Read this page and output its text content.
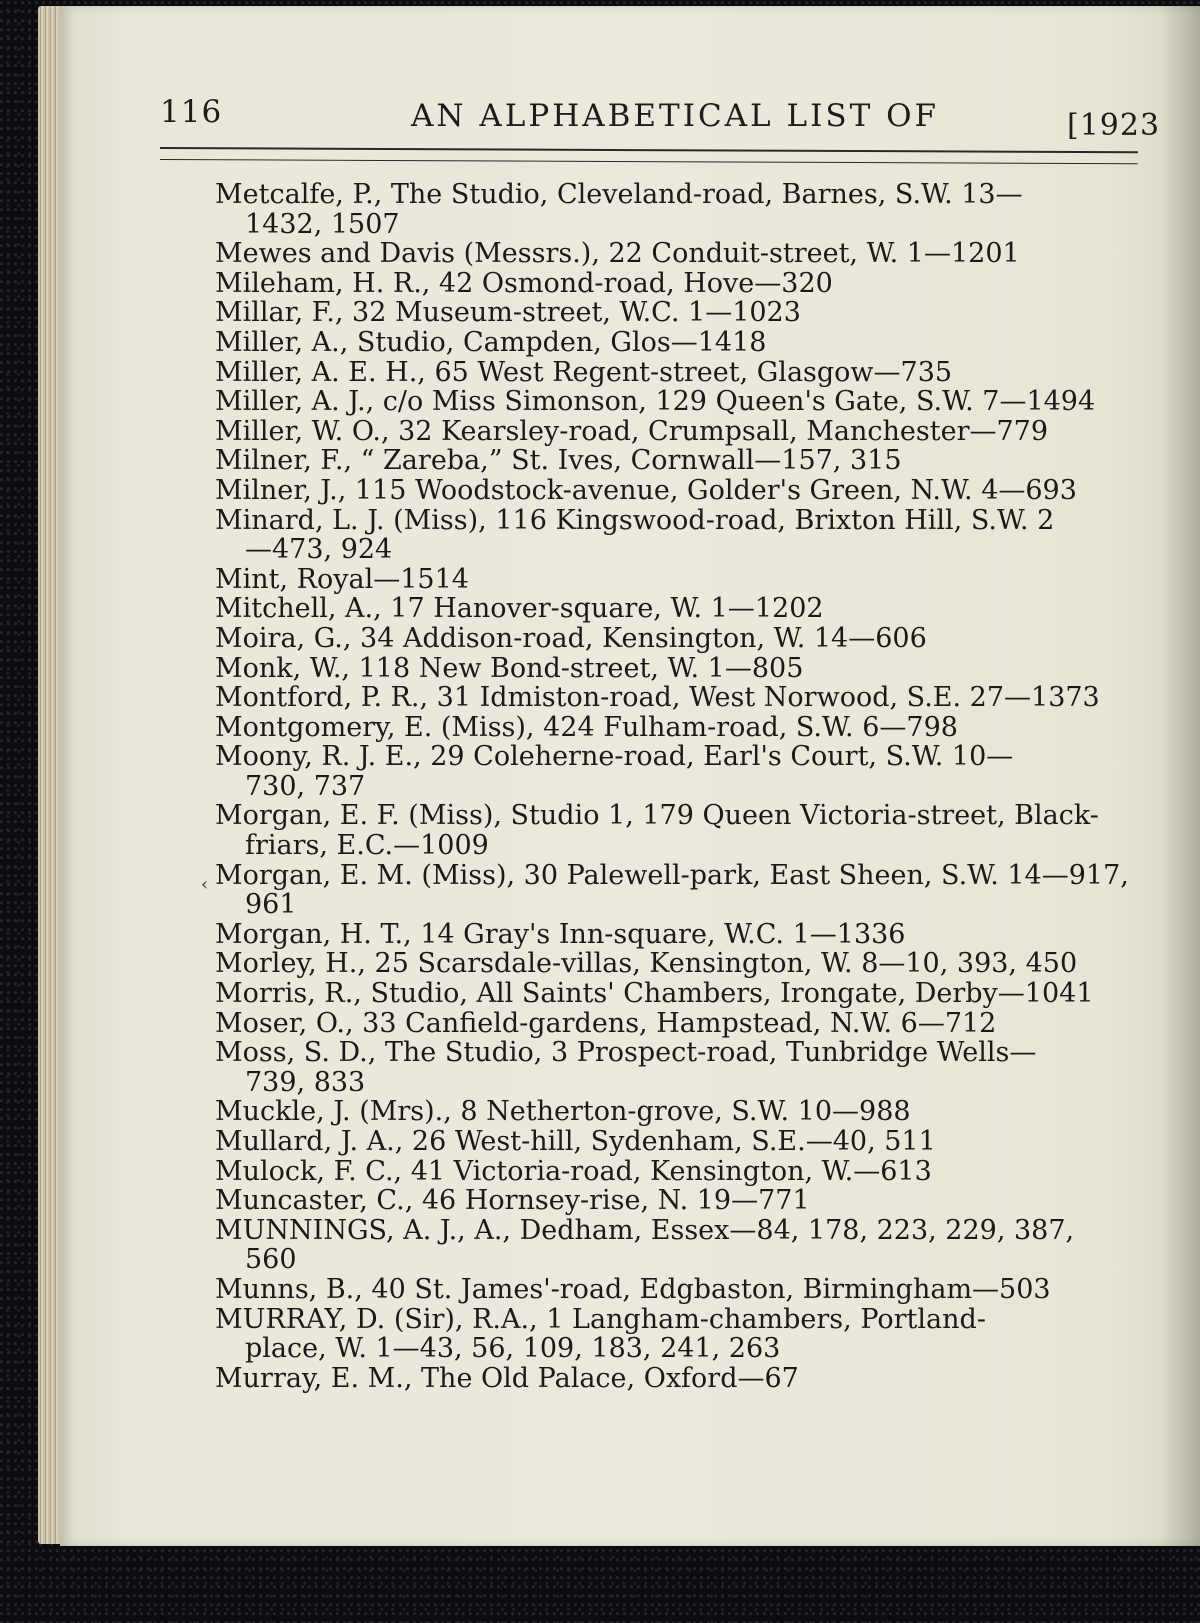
116	AN ALPHABETICAL LIST OF	[1923
‹
Metcalfe, P., The Studio, Cleveland-road, Barnes, S.W. 13—
1432, 1507
Mewes and Davis (Messrs.), 22 Conduit-street, W. 1—1201
Mileham, H. R., 42 Osmond-road, Hove—320
Millar, F., 32 Museum-street, W.C. 1—1023
Miller, A., Studio, Campden, Glos—1418
Miller, A. E. H., 65 West Regent-street, Glasgow—735
Miller, A. J., c/o Miss Simonson, 129 Queen's Gate, S.W. 7—1494
Miller, W. O., 32 Kearsley-road, Crumpsall, Manchester—779
Milner, F., “ Zareba,” St. Ives, Cornwall—157, 315
Milner, J., 115 Woodstock-avenue, Golder's Green, N.W. 4—693
Minard, L. J. (Miss), 116 Kingswood-road, Brixton Hill, S.W. 2
—473, 924
Mint, Royal—1514
Mitchell, A., 17 Hanover-square, W. 1—1202
Moira, G., 34 Addison-road, Kensington, W. 14—606
Monk, W., 118 New Bond-street, W. 1—805
Montford, P. R., 31 Idmiston-road, West Norwood, S.E. 27—1373
Montgomery, E. (Miss), 424 Fulham-road, S.W. 6—798
Moony, R. J. E., 29 Coleherne-road, Earl's Court, S.W. 10—
730, 737
Morgan, E. F. (Miss), Studio 1, 179 Queen Victoria-street, Black-
friars, E.C.—1009
Morgan, E. M. (Miss), 30 Palewell-park, East Sheen, S.W. 14—917,
961
Morgan, H. T., 14 Gray's Inn-square, W.C. 1—1336
Morley, H., 25 Scarsdale-villas, Kensington, W. 8—10, 393, 450
Morris, R., Studio, All Saints' Chambers, Irongate, Derby—1041
Moser, O., 33 Canfield-gardens, Hampstead, N.W. 6—712
Moss, S. D., The Studio, 3 Prospect-road, Tunbridge Wells—
739, 833
Muckle, J. (Mrs)., 8 Netherton-grove, S.W. 10—988
Mullard, J. A., 26 West-hill, Sydenham, S.E.—40, 511
Mulock, F. C., 41 Victoria-road, Kensington, W.—613
Muncaster, C., 46 Hornsey-rise, N. 19—771
MUNNINGS, A. J., A., Dedham, Essex—84, 178, 223, 229, 387,
560
Munns, B., 40 St. James'-road, Edgbaston, Birmingham—503
MURRAY, D. (Sir), R.A., 1 Langham-chambers, Portland-
place, W. 1—43, 56, 109, 183, 241, 263
Murray, E. M., The Old Palace, Oxford—67
